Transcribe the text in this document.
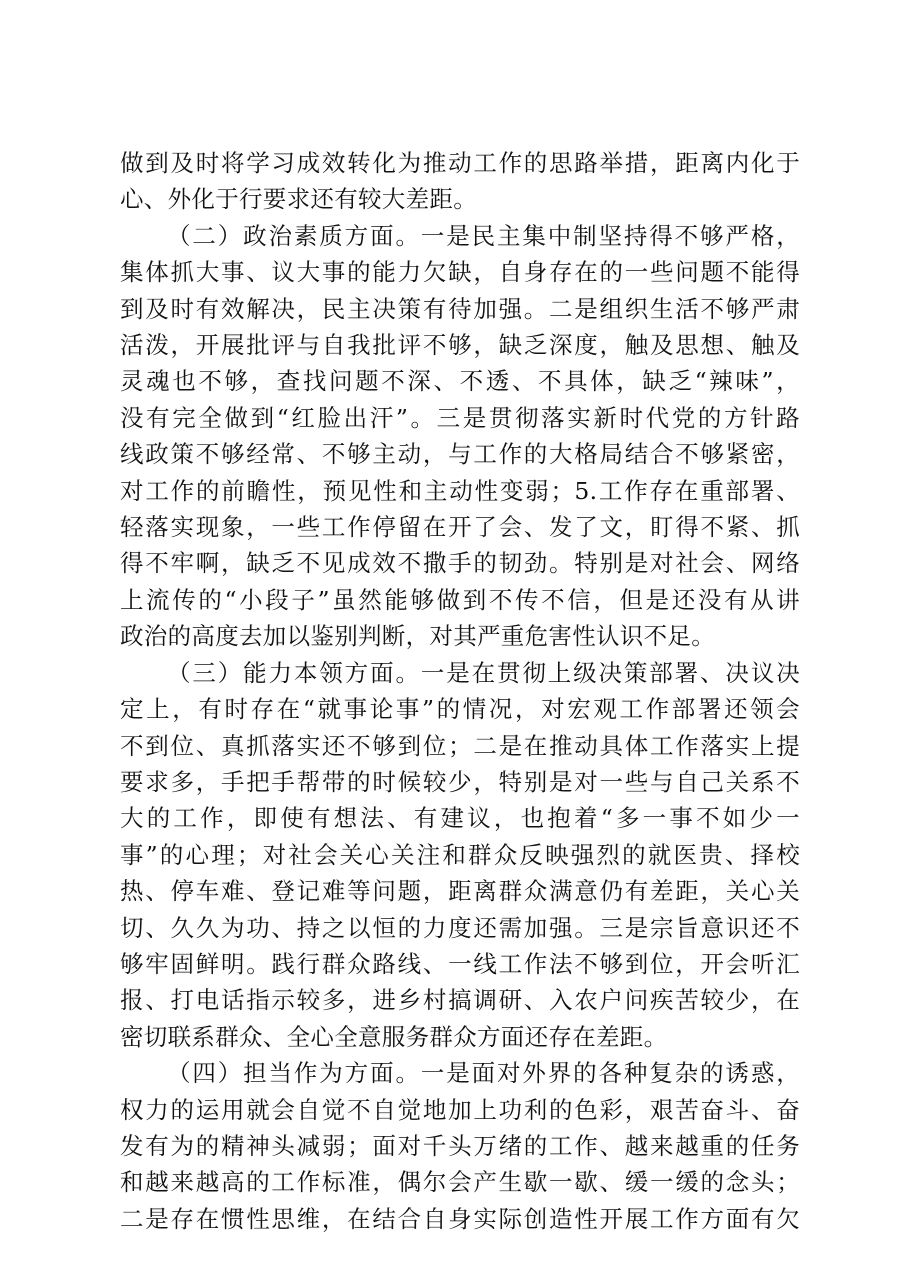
做到及时将学习成效转化为推动工作的思路举措，距离内化于
心、外化于行要求还有较大差距。

（二）政治素质方面。一是民主集中制坚持得不够严格，
集体抓大事、议大事的能力欠缺，自身存在的一些问题不能得
到及时有效解决，民主决策有待加强。二是组织生活不够严肃
活泼，开展批评与自我批评不够，缺乏深度，触及思想、触及
灵魂也不够，查找问题不深、不透、不具体，缺乏“辣味”，
没有完全做到“红脸出汗”。三是贯彻落实新时代党的方针路
线政策不够经常、不够主动，与工作的大格局结合不够紧密，
对工作的前瞻性，预见性和主动性变弱；5.工作存在重部署、
轻落实现象，一些工作停留在开了会、发了文，盯得不紧、抓
得不牢啊，缺乏不见成效不撒手的韧劲。特别是对社会、网络
上流传的“小段子”虽然能够做到不传不信，但是还没有从讲
政治的高度去加以鉴别判断，对其严重危害性认识不足。

（三）能力本领方面。一是在贯彻上级决策部署、决议决
定上，有时存在“就事论事”的情况，对宏观工作部署还领会
不到位、真抓落实还不够到位；二是在推动具体工作落实上提
要求多，手把手帮带的时候较少，特别是对一些与自己关系不
大的工作，即使有想法、有建议，也抱着“多一事不如少一
事”的心理；对社会关心关注和群众反映强烈的就医贵、择校
热、停车难、登记难等问题，距离群众满意仍有差距，关心关
切、久久为功、持之以恒的力度还需加强。三是宗旨意识还不
够牢固鲜明。践行群众路线、一线工作法不够到位，开会听汇
报、打电话指示较多，进乡村搞调研、入农户问疾苦较少，在
密切联系群众、全心全意服务群众方面还存在差距。

（四）担当作为方面。一是面对外界的各种复杂的诱惑，
权力的运用就会自觉不自觉地加上功利的色彩，艰苦奋斗、奋
发有为的精神头减弱；面对千头万绪的工作、越来越重的任务
和越来越高的工作标准，偶尔会产生歇一歇、缓一缓的念头；
二是存在惯性思维，在结合自身实际创造性开展工作方面有欠
